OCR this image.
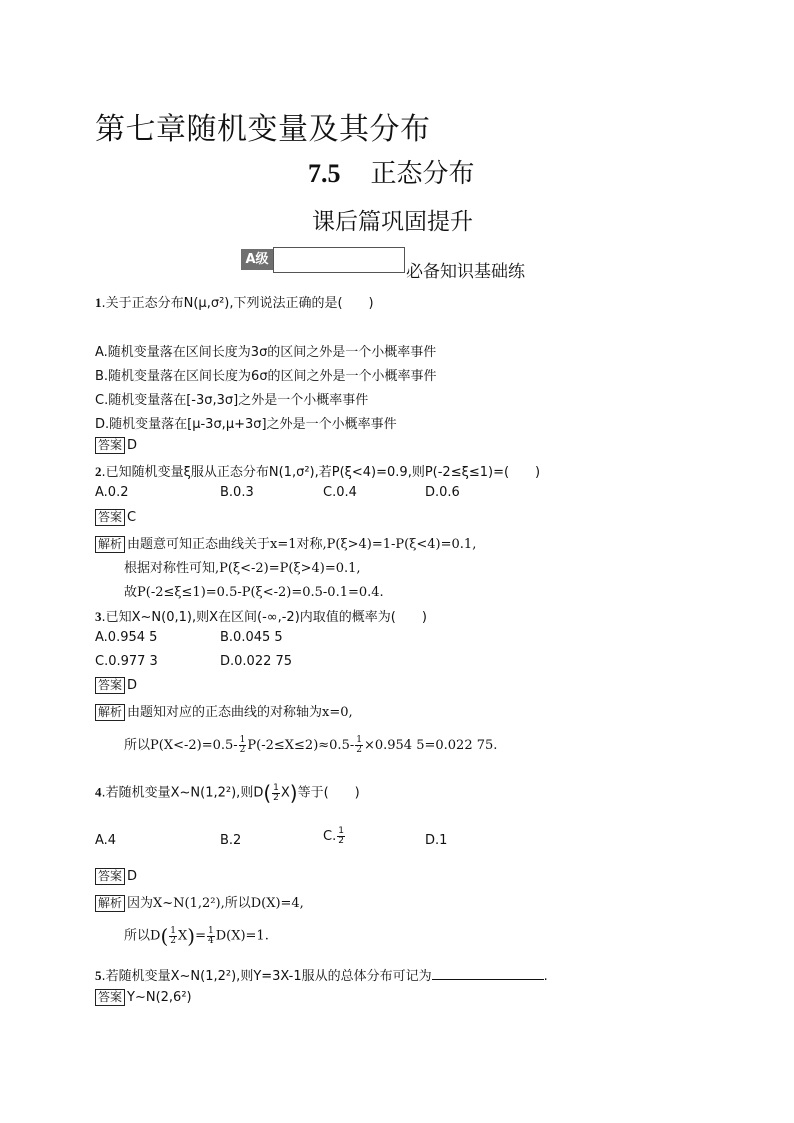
第七章随机变量及其分布
7.5 正态分布
课后篇巩固提升
A级
必备知识基础练
1.关于正态分布N(μ,σ²),下列说法正确的是(　　)
A.随机变量落在区间长度为3σ的区间之外是一个小概率事件
B.随机变量落在区间长度为6σ的区间之外是一个小概率事件
C.随机变量落在[-3σ,3σ]之外是一个小概率事件
D.随机变量落在[μ-3σ,μ+3σ]之外是一个小概率事件
答案 D
2.已知随机变量ξ服从正态分布N(1,σ²),若P(ξ<4)=0.9,则P(-2≤ξ≤1)=(　　)
A.0.2	B.0.3	C.0.4	D.0.6
答案 C
解析 由题意可知正态曲线关于x=1对称,P(ξ>4)=1-P(ξ<4)=0.1,
根据对称性可知,P(ξ<-2)=P(ξ>4)=0.1,
故P(-2≤ξ≤1)=0.5-P(ξ<-2)=0.5-0.1=0.4.
3.已知X~N(0,1),则X在区间(-∞,-2)内取值的概率为(　　)
A.0.954 5	B.0.045 5
C.0.977 3	D.0.022 75
答案 D
解析 由题知对应的正态曲线的对称轴为x=0,
所以$P(X<-2)=0.5- \frac{1}{2} P(-2\le X\le 2)\approx 0.5- \frac{1}{2} \times 0.954$ 5=0.022 75.
4.若随机变量X~N(1,2²),则$D( \frac{1}{2} X)$等于(　　)
A.4	B.2	C. $\frac{1}{2}$	D.1
答案 D
解析 因为X~N(1,2²),所以D(X)=4,
所以$D( \frac{1}{2} X)= \frac{1}{4} D(X)=1$.
5.若随机变量X~N(1,2²),则Y=3X-1服从的总体分布可记为	.
答案 Y~N(2,6²)
